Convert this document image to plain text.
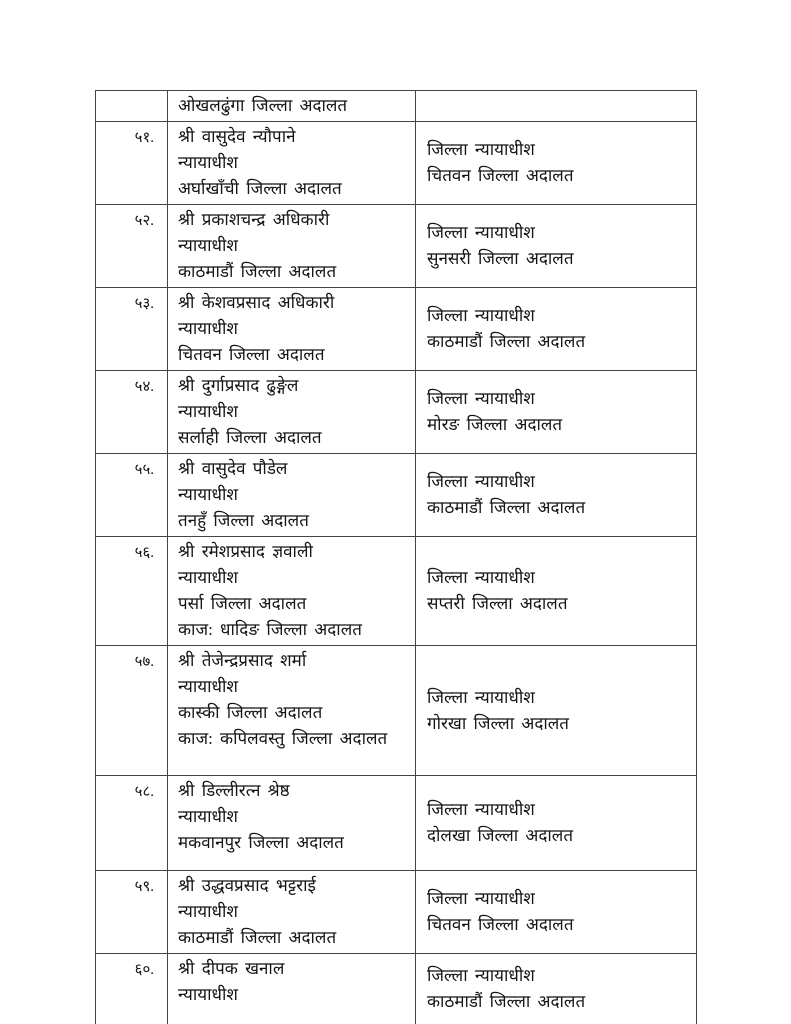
	ओखलढुंगा जिल्ला अदालत	

५१.	श्री वासुदेव न्यौपाने
न्यायाधीश
अर्घाखाँची जिल्ला अदालत

जिल्ला न्यायाधीश
चितवन जिल्ला अदालत

५२.	श्री प्रकाशचन्द्र अधिकारी
न्यायाधीश
काठमाडौं जिल्ला अदालत

जिल्ला न्यायाधीश
सुनसरी जिल्ला अदालत

५३.	श्री केशवप्रसाद अधिकारी
न्यायाधीश
चितवन जिल्ला अदालत

जिल्ला न्यायाधीश
काठमाडौं जिल्ला अदालत

५४.	श्री दुर्गाप्रसाद ढुङ्गेल
न्यायाधीश
सर्लाही जिल्ला अदालत

जिल्ला न्यायाधीश
मोरङ जिल्ला अदालत

५५.	श्री वासुदेव पौडेल
न्यायाधीश
तनहुँ जिल्ला अदालत

जिल्ला न्यायाधीश
काठमाडौं जिल्ला अदालत

५६.	श्री रमेशप्रसाद ज्ञवाली
न्यायाधीश
पर्सा जिल्ला अदालत
काज: धादिङ जिल्ला अदालत

जिल्ला न्यायाधीश
सप्तरी जिल्ला अदालत

५७.	श्री तेजेन्द्रप्रसाद शर्मा
न्यायाधीश
कास्की जिल्ला अदालत
काज: कपिलवस्तु जिल्ला अदालत

जिल्ला न्यायाधीश
गोरखा जिल्ला अदालत

५८.	श्री डिल्लीरत्न श्रेष्ठ
न्यायाधीश
मकवानपुर जिल्ला अदालत

जिल्ला न्यायाधीश
दोलखा जिल्ला अदालत

५९.	श्री उद्धवप्रसाद भट्टराई
न्यायाधीश
काठमाडौं जिल्ला अदालत

जिल्ला न्यायाधीश
चितवन जिल्ला अदालत

६०.	श्री दीपक खनाल
न्यायाधीश

जिल्ला न्यायाधीश
काठमाडौं जिल्ला अदालत
